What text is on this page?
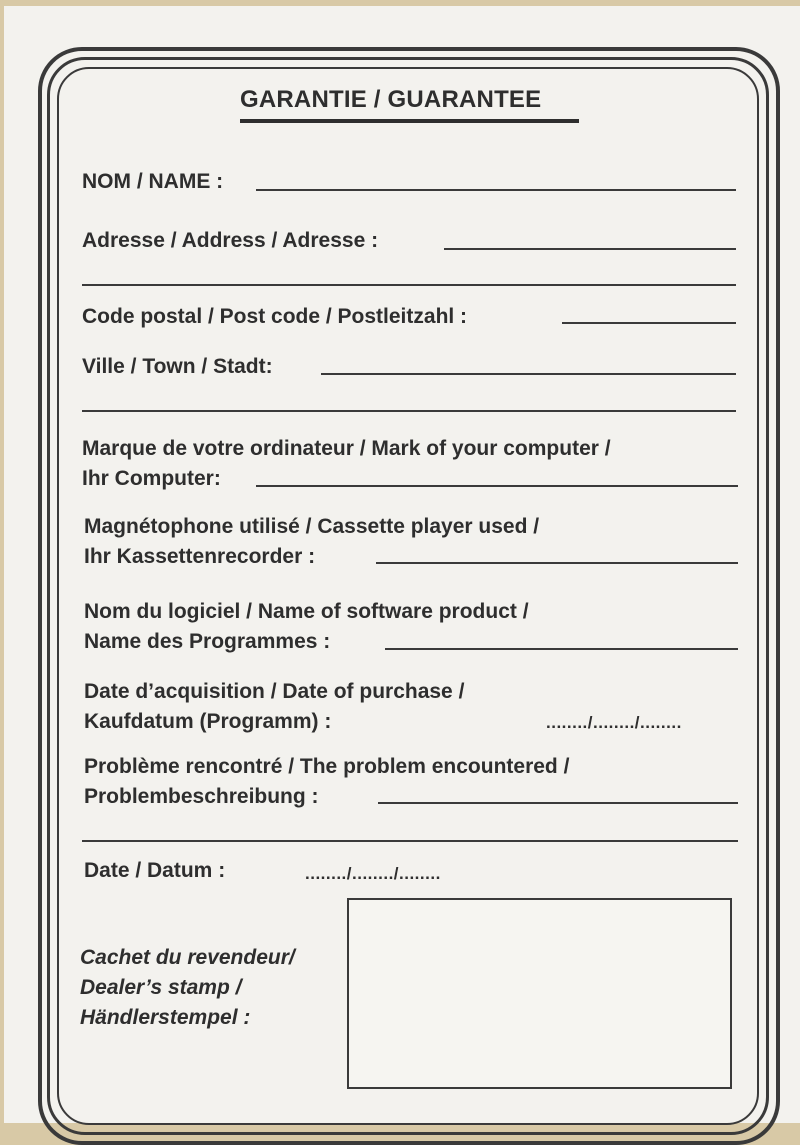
GARANTIE / GUARANTEE
NOM / NAME :
Adresse / Address / Adresse :
Code postal / Post code / Postleitzahl :
Ville / Town / Stadt:
Marque de votre ordinateur / Mark of your computer /
Ihr Computer:
Magnétophone utilisé / Cassette player used /
Ihr Kassettenrecorder :
Nom du logiciel / Name of software product /
Name des Programmes :
Date d’acquisition / Date of purchase /
Kaufdatum (Programm) :	......../......../........
Problème rencontré / The problem encountered /
Problembeschreibung :
Date / Datum :	......../......../........
Cachet du revendeur/
Dealer’s stamp /
Händlerstempel :
